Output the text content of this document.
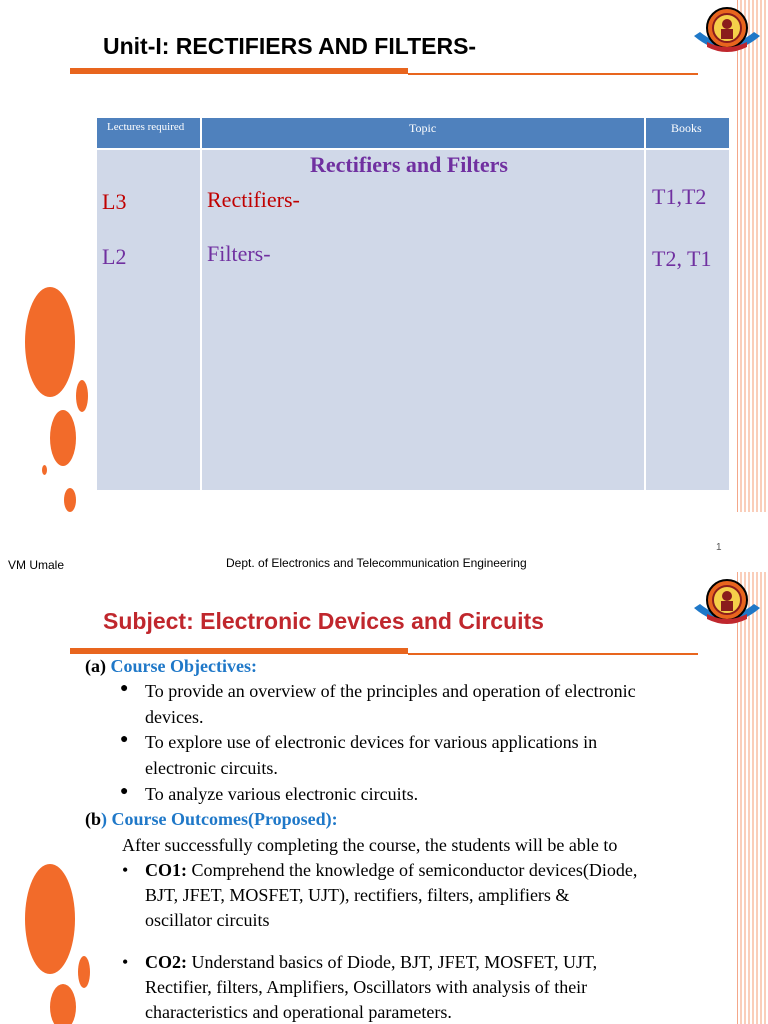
Unit-I: RECTIFIERS AND FILTERS-
Lectures required	Topic	Books
Rectifiers and Filters
L3	Rectifiers-	T1,T2
L2	Filters-	T2, T1
VM Umale	Dept. of Electronics and Telecommunication Engineering
1
Subject: Electronic Devices and Circuits
(a) Course Objectives:
● To provide an overview of the principles and operation of electronic
devices.
● To explore use of electronic devices for various applications in
electronic circuits.
● To analyze various electronic circuits.
(b) Course Outcomes(Proposed):
After successfully completing the course, the students will be able to
• CO1: Comprehend the knowledge of semiconductor devices(Diode,
BJT, JFET, MOSFET, UJT), rectifiers, filters, amplifiers &
oscillator circuits
• CO2: Understand basics of Diode, BJT, JFET, MOSFET, UJT,
Rectifier, filters, Amplifiers, Oscillators with analysis of their
characteristics and operational parameters.
